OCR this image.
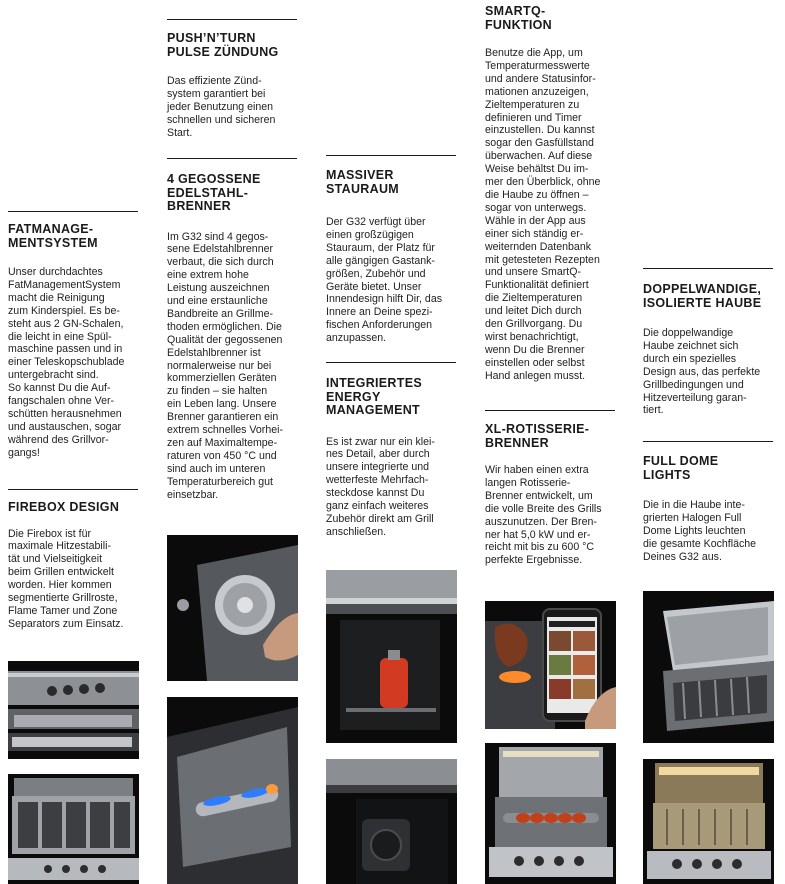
FATMANAGE-
MENTSYSTEM
Unser durchdachtes
FatManagementSystem
macht die Reinigung
zum Kinderspiel. Es be-
steht aus 2 GN-Schalen,
die leicht in eine Spül-
maschine passen und in
einer Teleskopschublade
untergebracht sind.
So kannst Du die Auf-
fangschalen ohne Ver-
schütten herausnehmen
und austauschen, sogar
während des Grillvor-
gangs!
FIREBOX DESIGN
Die Firebox ist für
maximale Hitzestabili-
tät und Vielseitigkeit
beim Grillen entwickelt
worden. Hier kommen
segmentierte Grillroste,
Flame Tamer und Zone
Separators zum Einsatz.
PUSH’N’TURN
PULSE ZÜNDUNG
Das effiziente Zünd-
system garantiert bei
jeder Benutzung einen
schnellen und sicheren
Start.
4 GEGOSSENE
EDELSTAHL-
BRENNER
Im G32 sind 4 gegos-
sene Edelstahlbrenner
verbaut, die sich durch
eine extrem hohe
Leistung auszeichnen
und eine erstaunliche
Bandbreite an Grillme-
thoden ermöglichen. Die
Qualität der gegossenen
Edelstahlbrenner ist
normalerweise nur bei
kommerziellen Geräten
zu finden – sie halten
ein Leben lang. Unsere
Brenner garantieren ein
extrem schnelles Vorhei-
zen auf Maximaltempe-
raturen von 450 °C und
sind auch im unteren
Temperaturbereich gut
einsetzbar.
MASSIVER
STAURAUM
Der G32 verfügt über
einen großzügigen
Stauraum, der Platz für
alle gängigen Gastank-
größen, Zubehör und
Geräte bietet. Unser
Innendesign hilft Dir, das
Innere an Deine spezi-
fischen Anforderungen
anzupassen.
INTEGRIERTES
ENERGY
MANAGEMENT
Es ist zwar nur ein klei-
nes Detail, aber durch
unsere integrierte und
wetterfeste Mehrfach-
steckdose kannst Du
ganz einfach weiteres
Zubehör direkt am Grill
anschließen.
SMARTQ-
FUNKTION
Benutze die App, um
Temperaturmesswerte
und andere Statusinfor-
mationen anzuzeigen,
Zieltemperaturen zu
definieren und Timer
einzustellen. Du kannst
sogar den Gasfüllstand
überwachen. Auf diese
Weise behältst Du im-
mer den Überblick, ohne
die Haube zu öffnen –
sogar von unterwegs.
Wähle in der App aus
einer sich ständig er-
weiternden Datenbank
mit getesteten Rezepten
und unsere SmartQ-
Funktionalität definiert
die Zieltemperaturen
und leitet Dich durch
den Grillvorgang. Du
wirst benachrichtigt,
wenn Du die Brenner
einstellen oder selbst
Hand anlegen musst.
XL-ROTISSERIE-
BRENNER
Wir haben einen extra
langen Rotisserie-
Brenner entwickelt, um
die volle Breite des Grills
auszunutzen. Der Bren-
ner hat 5,0 kW und er-
reicht mit bis zu 600 °C
perfekte Ergebnisse.
DOPPELWANDIGE,
ISOLIERTE HAUBE
Die doppelwandige
Haube zeichnet sich
durch ein spezielles
Design aus, das perfekte
Grillbedingungen und
Hitzeverteilung garan-
tiert.
FULL DOME
LIGHTS
Die in die Haube inte-
grierten Halogen Full
Dome Lights leuchten
die gesamte Kochfläche
Deines G32 aus.
